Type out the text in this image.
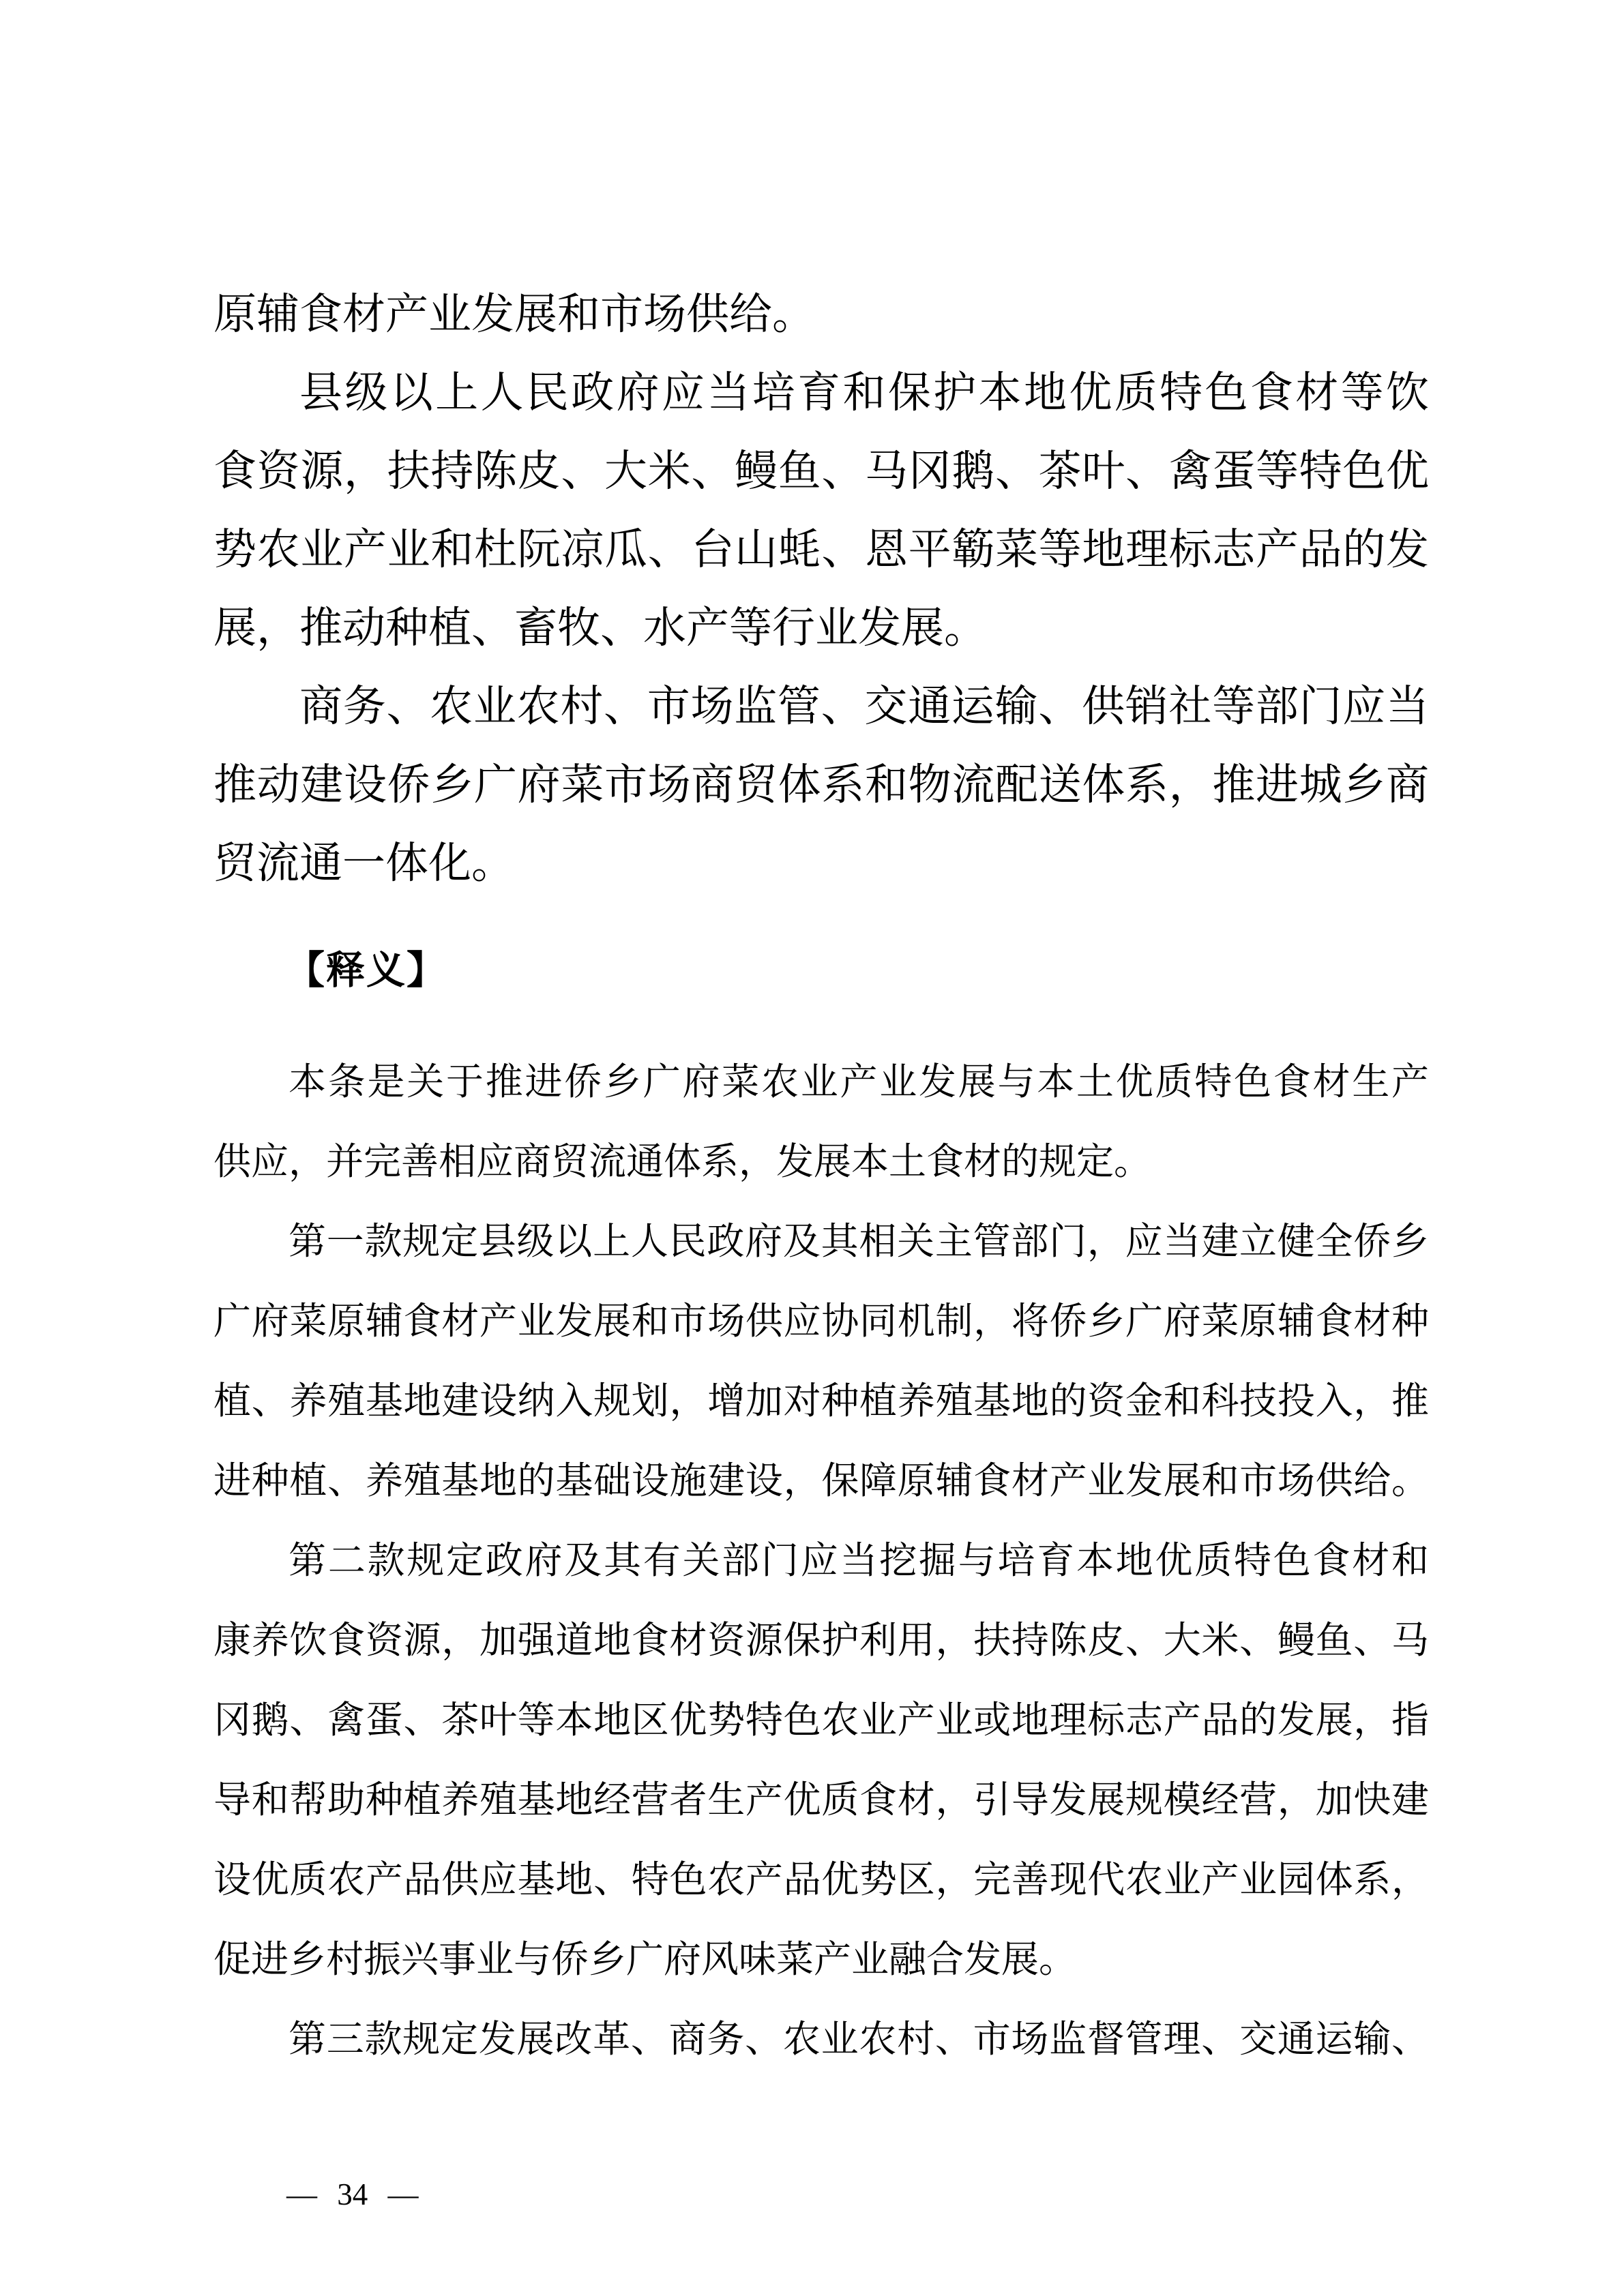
原辅食材产业发展和市场供给。
县级以上人民政府应当培育和保护本地优质特色食材等饮
食资源，扶持陈皮、大米、鳗鱼、马冈鹅、茶叶、禽蛋等特色优
势农业产业和杜阮凉瓜、台山蚝、恩平簕菜等地理标志产品的发
展，推动种植、畜牧、水产等行业发展。
商务、农业农村、市场监管、交通运输、供销社等部门应当
推动建设侨乡广府菜市场商贸体系和物流配送体系，推进城乡商
贸流通一体化。
【释义】
本条是关于推进侨乡广府菜农业产业发展与本土优质特色食材生产
供应，并完善相应商贸流通体系，发展本土食材的规定。
第一款规定县级以上人民政府及其相关主管部门，应当建立健全侨乡
广府菜原辅食材产业发展和市场供应协同机制，将侨乡广府菜原辅食材种
植、养殖基地建设纳入规划，增加对种植养殖基地的资金和科技投入，推
进种植、养殖基地的基础设施建设，保障原辅食材产业发展和市场供给。
第二款规定政府及其有关部门应当挖掘与培育本地优质特色食材和
康养饮食资源，加强道地食材资源保护利用，扶持陈皮、大米、鳗鱼、马
冈鹅、禽蛋、茶叶等本地区优势特色农业产业或地理标志产品的发展，指
导和帮助种植养殖基地经营者生产优质食材，引导发展规模经营，加快建
设优质农产品供应基地、特色农产品优势区，完善现代农业产业园体系，
促进乡村振兴事业与侨乡广府风味菜产业融合发展。
第三款规定发展改革、商务、农业农村、市场监督管理、交通运输、

— 34 —
